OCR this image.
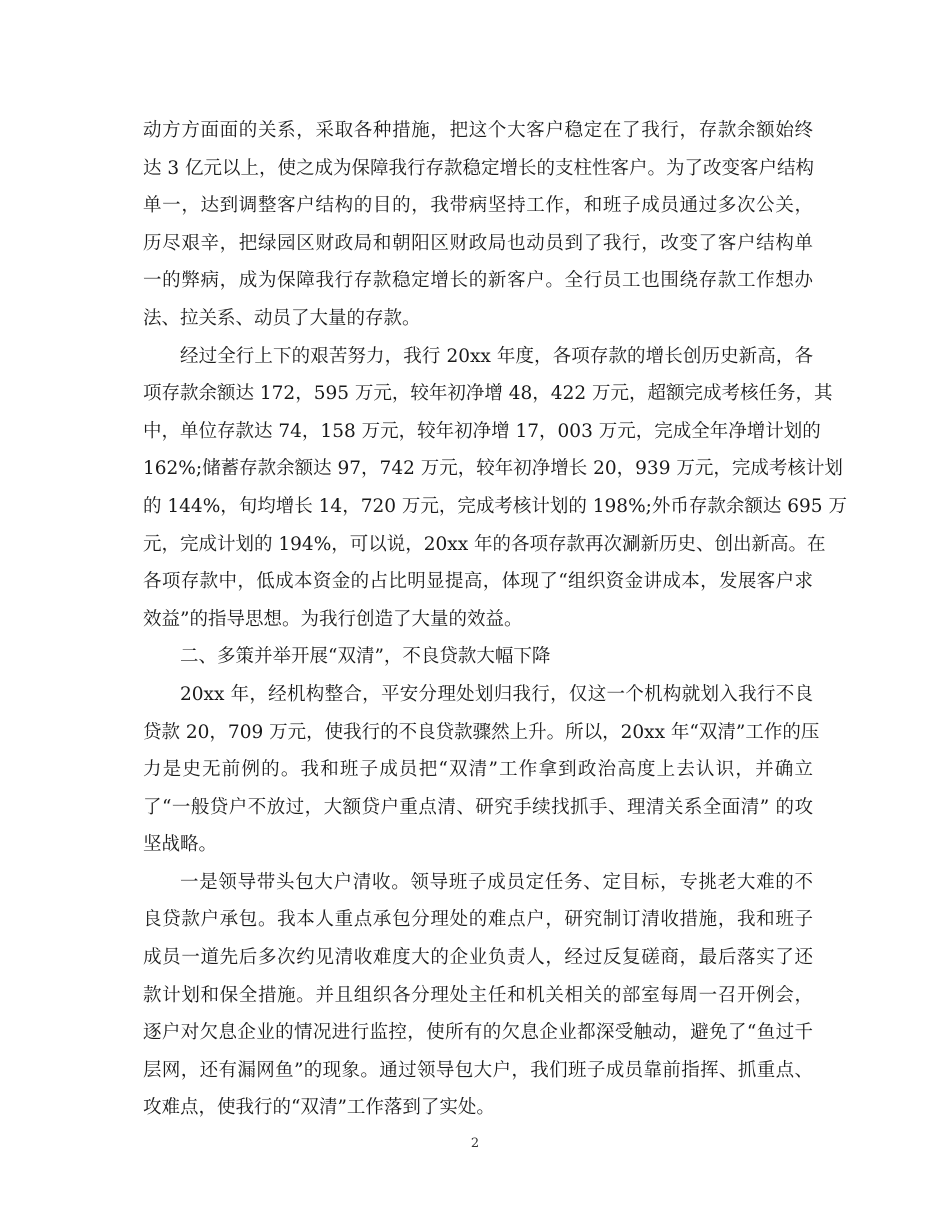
动方方面面的关系，采取各种措施，把这个大客户稳定在了我行，存款余额始终
达 3 亿元以上，使之成为保障我行存款稳定增长的支柱性客户。为了改变客户结构
单一，达到调整客户结构的目的，我带病坚持工作，和班子成员通过多次公关，
历尽艰辛，把绿园区财政局和朝阳区财政局也动员到了我行，改变了客户结构单
一的弊病，成为保障我行存款稳定增长的新客户。全行员工也围绕存款工作想办
法、拉关系、动员了大量的存款。
经过全行上下的艰苦努力，我行 20xx 年度，各项存款的增长创历史新高，各
项存款余额达 172，595 万元，较年初净增 48，422 万元，超额完成考核任务，其
中，单位存款达 74，158 万元，较年初净增 17，003 万元，完成全年净增计划的
162%;储蓄存款余额达 97，742 万元，较年初净增长 20，939 万元，完成考核计划
的 144%，旬均增长 14，720 万元，完成考核计划的 198%;外币存款余额达 695 万
元，完成计划的 194%，可以说，20xx 年的各项存款再次涮新历史、创出新高。在
各项存款中，低成本资金的占比明显提高，体现了“组织资金讲成本，发展客户求
效益”的指导思想。为我行创造了大量的效益。
二、多策并举开展“双清”，不良贷款大幅下降
20xx 年，经机构整合，平安分理处划归我行，仅这一个机构就划入我行不良
贷款 20，709 万元，使我行的不良贷款骤然上升。所以，20xx 年“双清”工作的压
力是史无前例的。我和班子成员把“双清”工作拿到政治高度上去认识，并确立
了“一般贷户不放过，大额贷户重点清、研究手续找抓手、理清关系全面清” 的攻
坚战略。
一是领导带头包大户清收。领导班子成员定任务、定目标，专挑老大难的不
良贷款户承包。我本人重点承包分理处的难点户，研究制订清收措施，我和班子
成员一道先后多次约见清收难度大的企业负责人，经过反复磋商，最后落实了还
款计划和保全措施。并且组织各分理处主任和机关相关的部室每周一召开例会，
逐户对欠息企业的情况进行监控，使所有的欠息企业都深受触动，避免了“鱼过千
层网，还有漏网鱼”的现象。通过领导包大户，我们班子成员靠前指挥、抓重点、
攻难点，使我行的“双清”工作落到了实处。
2
